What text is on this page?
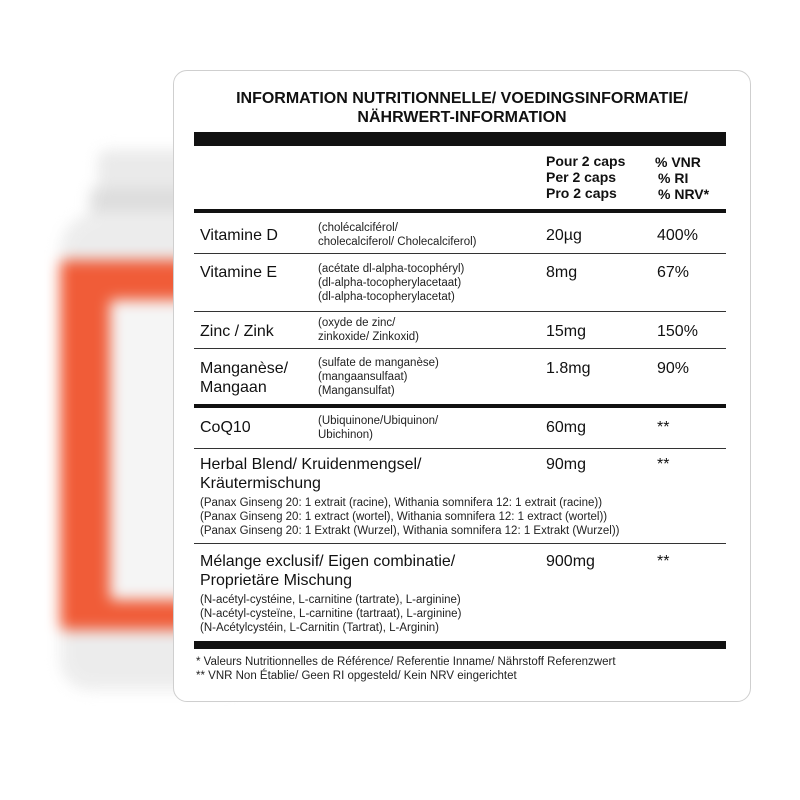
INFORMATION NUTRITIONNELLE/ VOEDINGSINFORMATIE/
NÄHRWERT-INFORMATION
Pour 2 caps
Per 2 caps
Pro 2 caps
% VNR
% RI
% NRV*
Vitamine D	(cholécalciférol/
cholecalciferol/ Cholecalciferol)	20µg	400%
Vitamine E	(acétate dl-alpha-tocophéryl)
(dl-alpha-tocopherylacetaat)
(dl-alpha-tocopherylacetat)
8mg	67%
Zinc / Zink	(oxyde de zinc/
zinkoxide/ Zinkoxid)	15mg	150%
Manganèse/
Mangaan
(sulfate de manganèse)
(mangaansulfaat)
(Mangansulfat)
1.8mg	90%
CoQ10	(Ubiquinone/Ubiquinon/
Ubichinon)	60mg	**
Herbal Blend/ Kruidenmengsel/
Kräutermischung
(Panax Ginseng 20: 1 extrait (racine), Withania somnifera 12: 1 extrait (racine))
(Panax Ginseng 20: 1 extract (wortel), Withania somnifera 12: 1 extract (wortel))
(Panax Ginseng 20: 1 Extrakt (Wurzel), Withania somnifera 12: 1 Extrakt (Wurzel))
90mg	**
Mélange exclusif/ Eigen combinatie/
Proprietäre Mischung
(N-acétyl-cystéine, L-carnitine (tartrate), L-arginine)
(N-acétyl-cysteïne, L-carnitine (tartraat), L-arginine)
(N-Acétylcystéin, L-Carnitin (Tartrat), L-Arginin)
900mg	**
* Valeurs Nutritionnelles de Référence/ Referentie Inname/ Nährstoff Referenzwert
** VNR Non Établie/ Geen RI opgesteld/ Kein NRV eingerichtet
